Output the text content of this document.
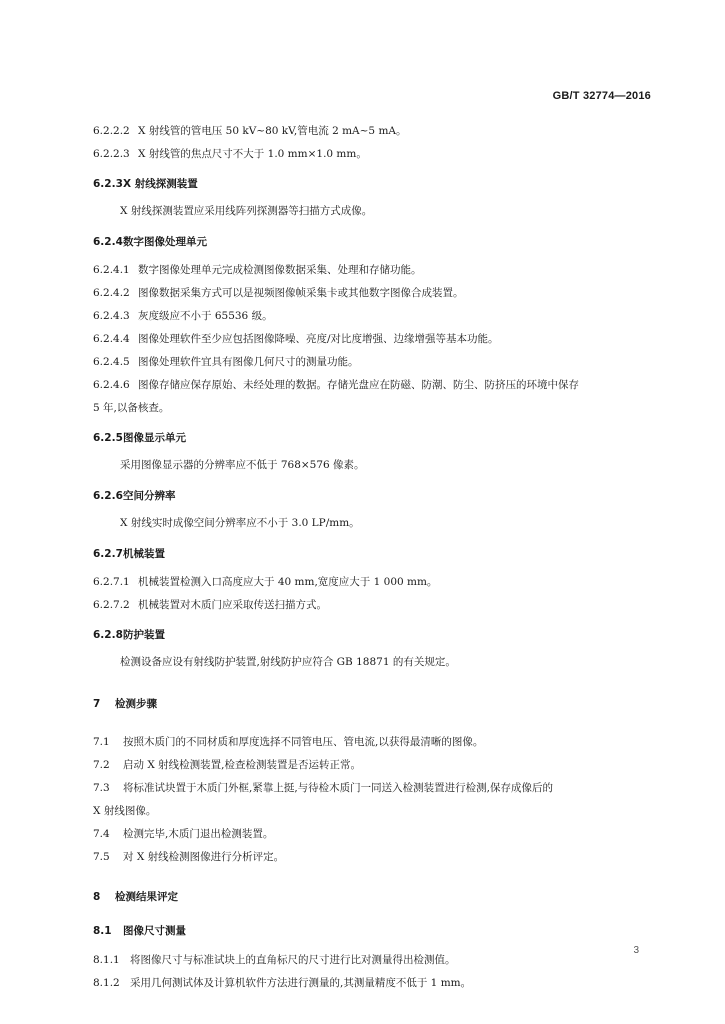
GB/T 32774—2016
6.2.2.2 X 射线管的管电压 50 kV~80 kV,管电流 2 mA~5 mA。
6.2.2.3 X 射线管的焦点尺寸不大于 1.0 mm×1.0 mm。
6.2.3X 射线探测装置
X 射线探测装置应采用线阵列探测器等扫描方式成像。
6.2.4数字图像处理单元
6.2.4.1 数字图像处理单元完成检测图像数据采集、处理和存储功能。
6.2.4.2 图像数据采集方式可以是视频图像帧采集卡或其他数字图像合成装置。
6.2.4.3 灰度级应不小于 65536 级。
6.2.4.4 图像处理软件至少应包括图像降噪、亮度/对比度增强、边缘增强等基本功能。
6.2.4.5 图像处理软件宜具有图像几何尺寸的测量功能。
6.2.4.6 图像存储应保存原始、未经处理的数据。存储光盘应在防磁、防潮、防尘、防挤压的环境中保存
5 年,以备核查。
6.2.5图像显示单元
采用图像显示器的分辨率应不低于 768×576 像素。
6.2.6空间分辨率
X 射线实时成像空间分辨率应不小于 3.0 LP/mm。
6.2.7机械装置
6.2.7.1 机械装置检测入口高度应大于 40 mm,宽度应大于 1 000 mm。
6.2.7.2 机械装置对木质门应采取传送扫描方式。
6.2.8防护装置
检测设备应设有射线防护装置,射线防护应符合 GB 18871 的有关规定。
7 检测步骤
7.1 按照木质门的不同材质和厚度选择不同管电压、管电流,以获得最清晰的图像。
7.2 启动 X 射线检测装置,检查检测装置是否运转正常。
7.3 将标准试块置于木质门外框,紧靠上挺,与待检木质门一同送入检测装置进行检测,保存成像后的
X 射线图像。
7.4 检测完毕,木质门退出检测装置。
7.5 对 X 射线检测图像进行分析评定。
8 检测结果评定
8.1 图像尺寸测量
8.1.1 将图像尺寸与标准试块上的直角标尺的尺寸进行比对测量得出检测值。
8.1.2 采用几何测试体及计算机软件方法进行测量的,其测量精度不低于 1 mm。
3
